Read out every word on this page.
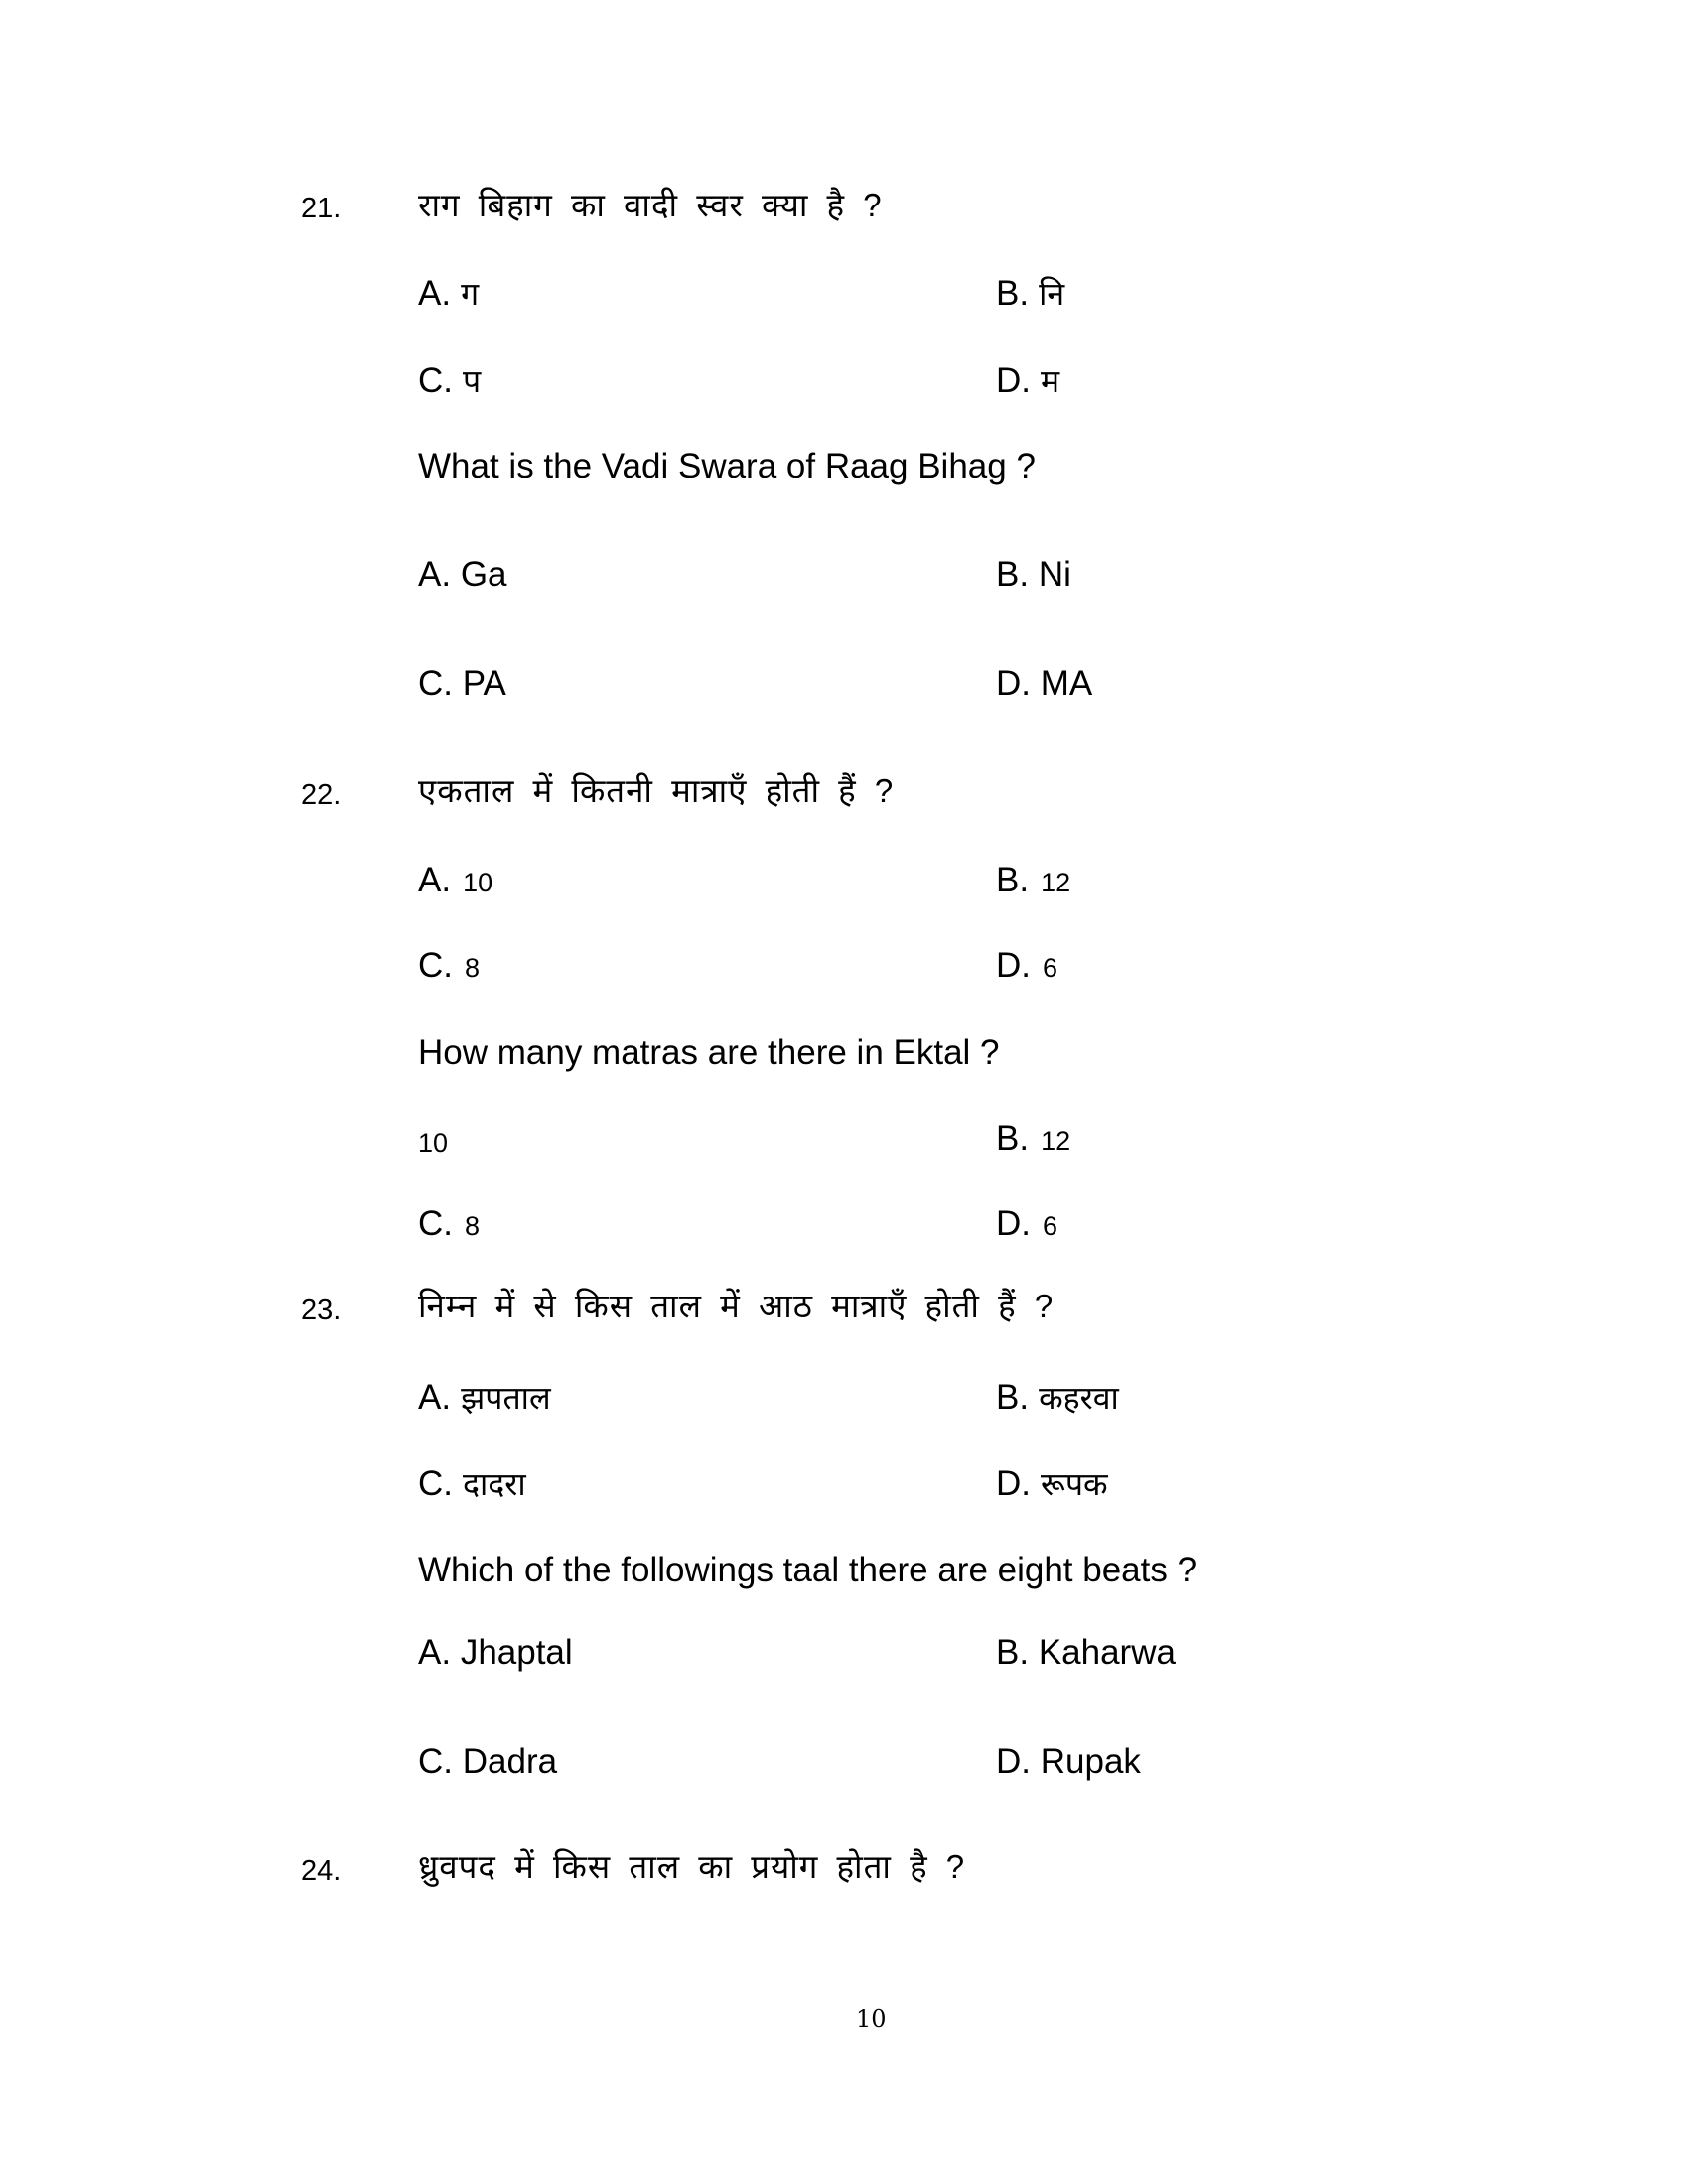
21. राग बिहाग का वादी स्वर क्या है ?
A. ग	B. नि
C. प	D. म
What is the Vadi Swara of Raag Bihag ?
A. Ga	B. Ni
C. PA	D. MA
22. एकताल में कितनी मात्राएँ होती हैं ?
A. 10	B. 12
C. 8	D. 6
How many matras are there in Ektal ?
10	B. 12
C. 8	D. 6
23. निम्न में से किस ताल में आठ मात्राएँ होती हैं ?
A. झपताल	B. कहरवा
C. दादरा	D. रूपक
Which of the followings taal there are eight beats ?
A. Jhaptal	B. Kaharwa
C. Dadra	D. Rupak
24. ध्रुवपद में किस ताल का प्रयोग होता है ?
10
